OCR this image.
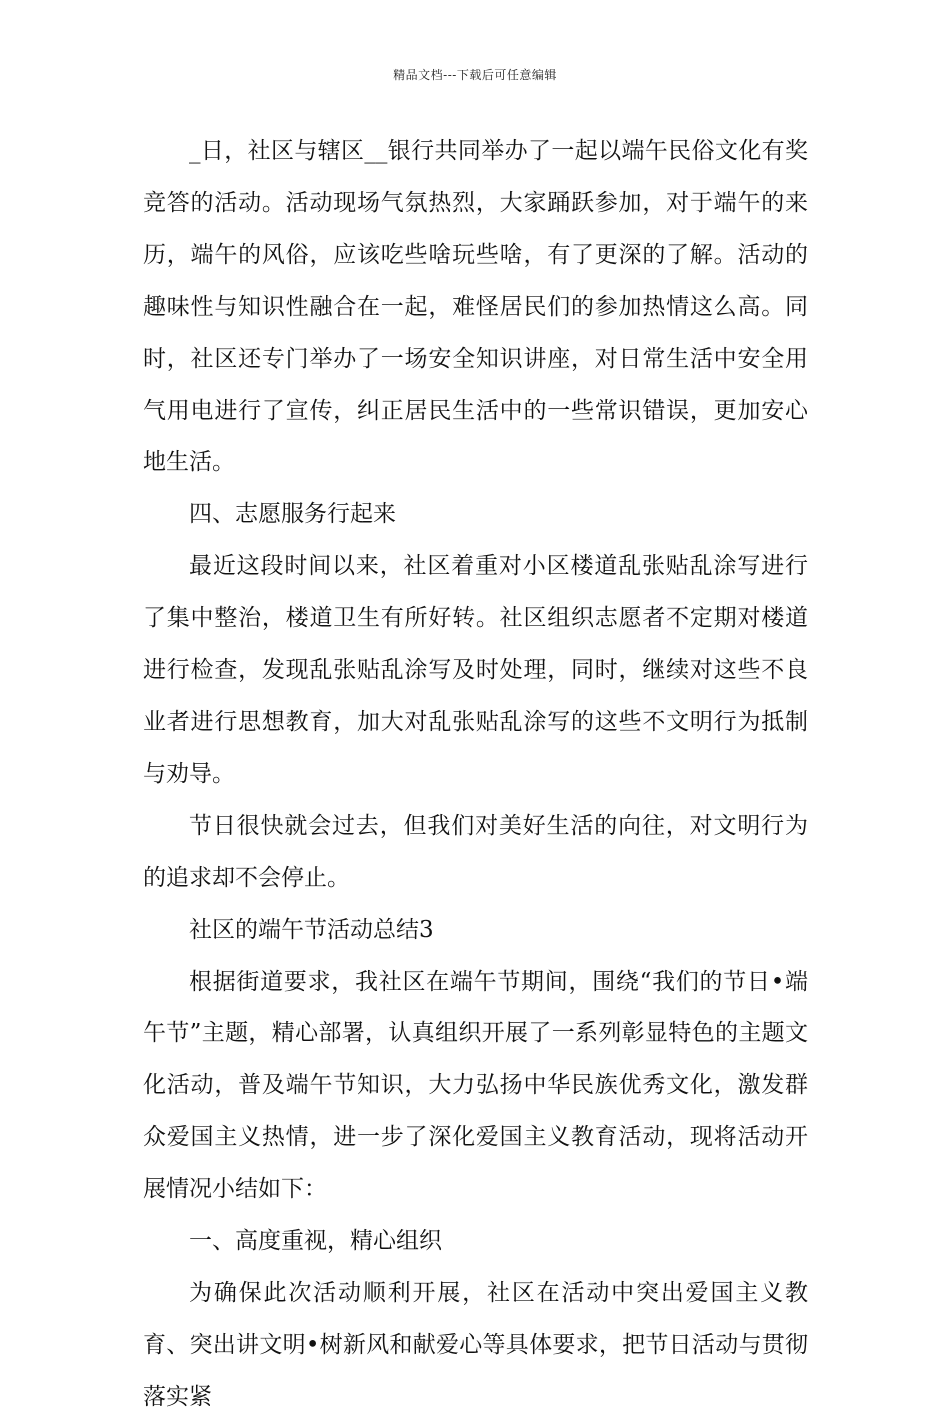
精品文档---下载后可任意编辑

_日，社区与辖区__银行共同举办了一起以端午民俗文化有奖竞答的活动。活动现场气氛热烈，大家踊跃参加，对于端午的来历，端午的风俗，应该吃些啥玩些啥，有了更深的了解。活动的趣味性与知识性融合在一起，难怪居民们的参加热情这么高。同时，社区还专门举办了一场安全知识讲座，对日常生活中安全用气用电进行了宣传，纠正居民生活中的一些常识错误，更加安心地生活。

四、志愿服务行起来

最近这段时间以来，社区着重对小区楼道乱张贴乱涂写进行了集中整治，楼道卫生有所好转。社区组织志愿者不定期对楼道进行检查，发现乱张贴乱涂写及时处理，同时，继续对这些不良业者进行思想教育，加大对乱张贴乱涂写的这些不文明行为抵制与劝导。

节日很快就会过去，但我们对美好生活的向往，对文明行为的追求却不会停止。

社区的端午节活动总结3

根据街道要求，我社区在端午节期间，围绕“我们的节日•端午节”主题，精心部署，认真组织开展了一系列彰显特色的主题文化活动，普及端午节知识，大力弘扬中华民族优秀文化，激发群众爱国主义热情，进一步了深化爱国主义教育活动，现将活动开展情况小结如下：

一、高度重视，精心组织

为确保此次活动顺利开展，社区在活动中突出爱国主义教育、突出讲文明•树新风和献爱心等具体要求，把节日活动与贯彻落实紧
